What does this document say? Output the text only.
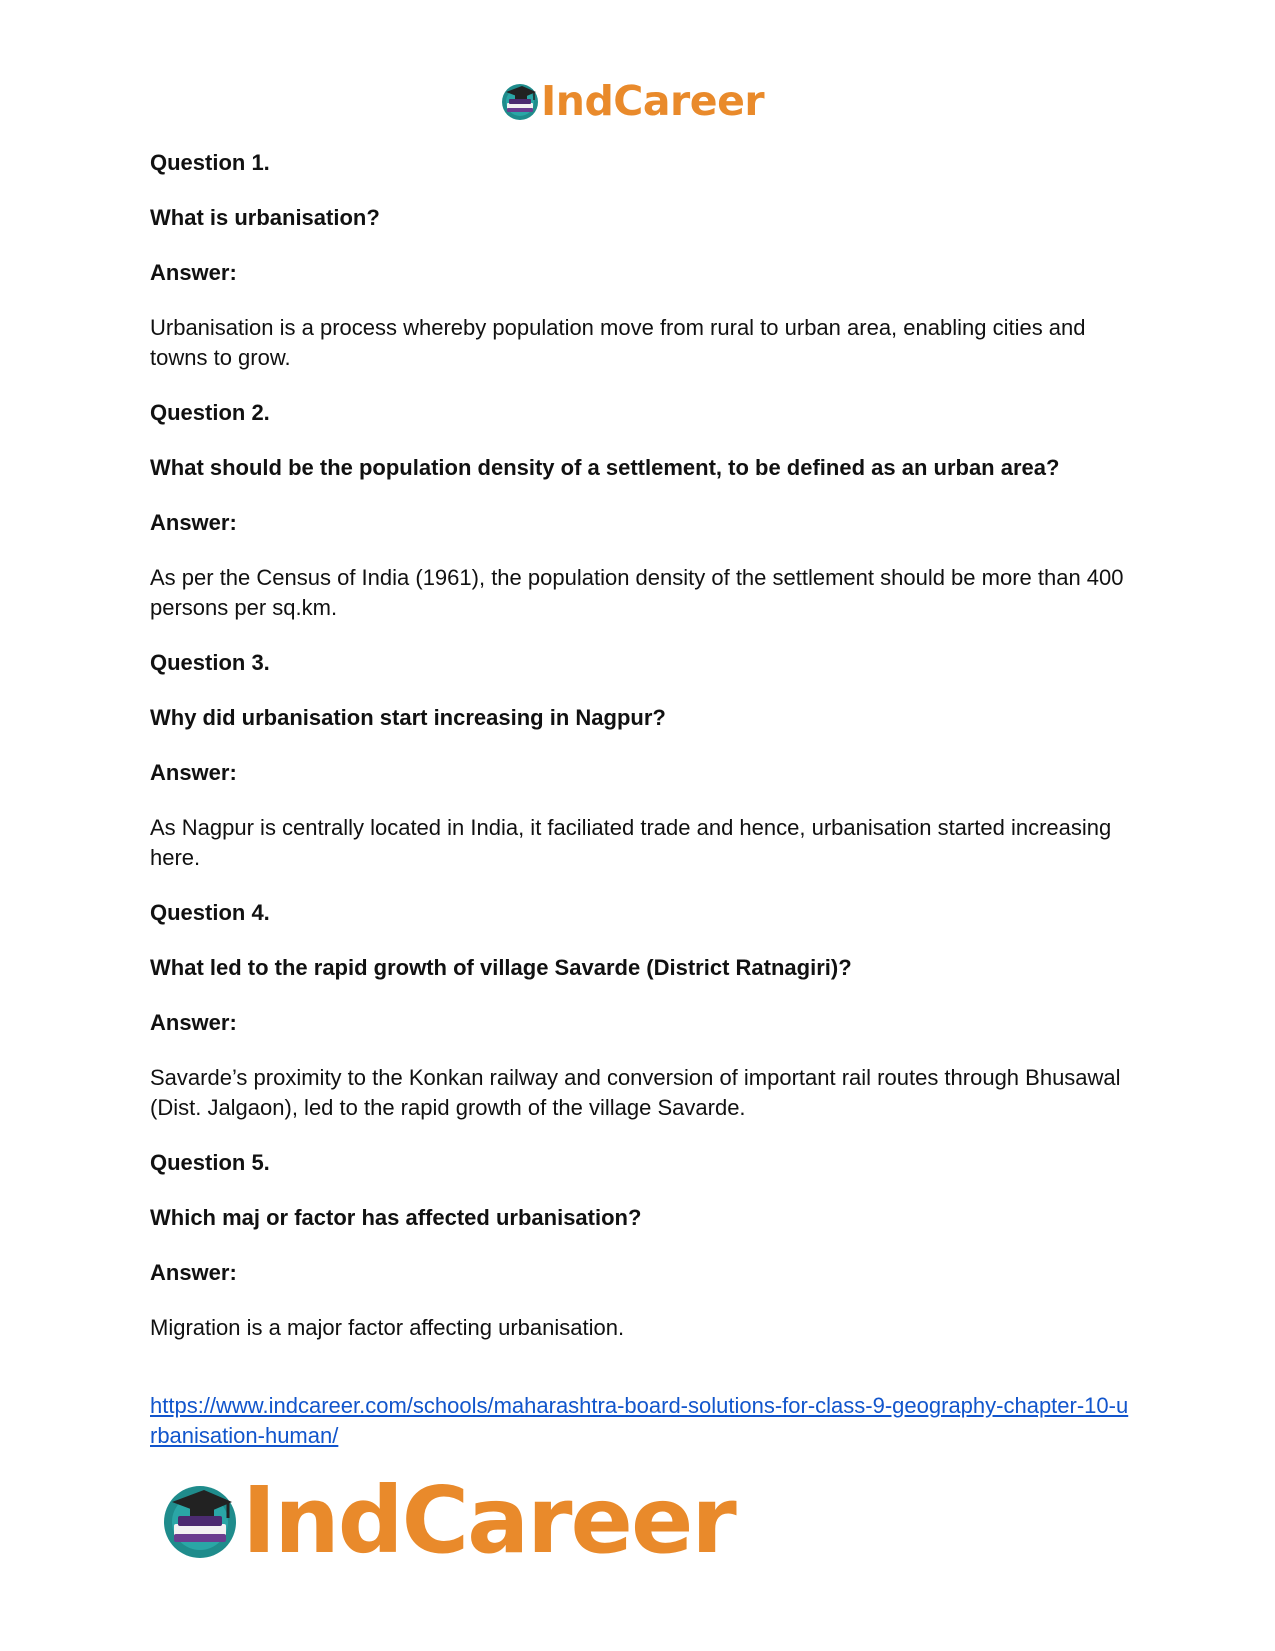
IndCareer

Question 1.

What is urbanisation?

Answer:

Urbanisation is a process whereby population move from rural to urban area, enabling cities and towns to grow.

Question 2.

What should be the population density of a settlement, to be defined as an urban area?

Answer:

As per the Census of India (1961), the population density of the settlement should be more than 400 persons per sq.km.

Question 3.

Why did urbanisation start increasing in Nagpur?

Answer:

As Nagpur is centrally located in India, it faciliated trade and hence, urbanisation started increasing here.

Question 4.

What led to the rapid growth of village Savarde (District Ratnagiri)?

Answer:

Savarde’s proximity to the Konkan railway and conversion of important rail routes through Bhusawal (Dist. Jalgaon), led to the rapid growth of the village Savarde.

Question 5.

Which maj or factor has affected urbanisation?

Answer:

Migration is a major factor affecting urbanisation.

https://www.indcareer.com/schools/maharashtra-board-solutions-for-class-9-geography-chapter-10-urbanisation-human/
IndCareer
